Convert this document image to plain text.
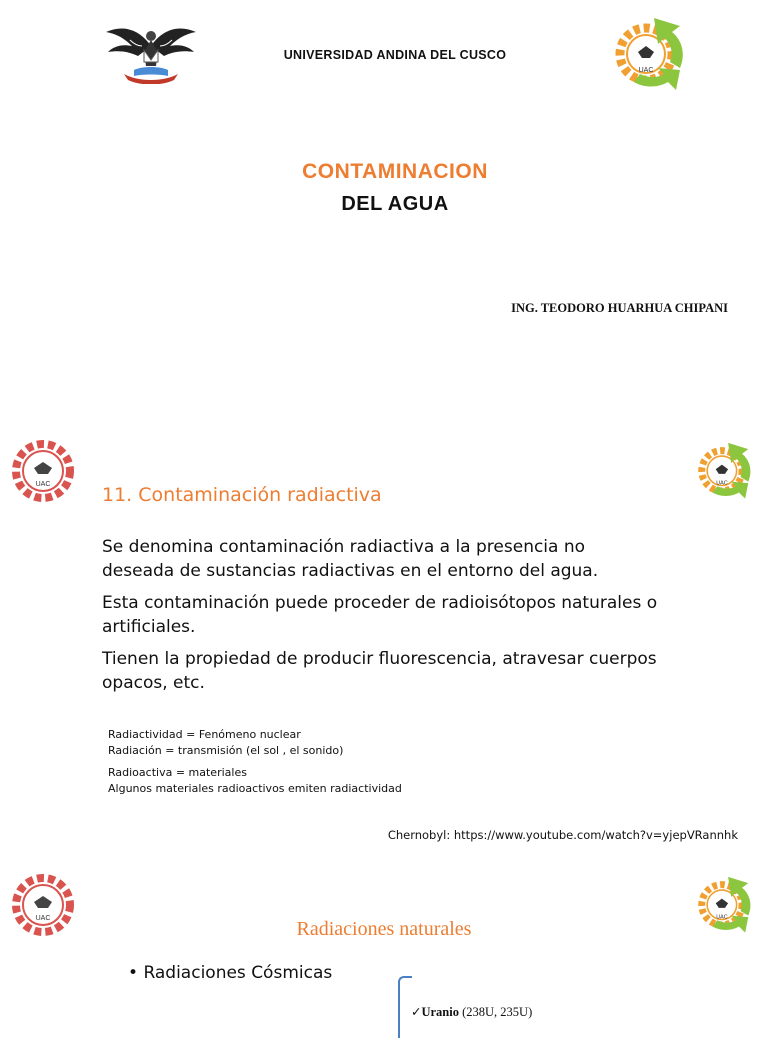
UNIVERSIDAD ANDINA DEL CUSCO
UAC
CONTAMINACION
DEL AGUA
ING. TEODORO HUARHUA CHIPANI
UAC	UAC
11. Contaminación radiactiva
Se denomina contaminación radiactiva a la presencia no deseada de sustancias radiactivas en el entorno del agua.
Esta contaminación puede proceder de radioisótopos naturales o artificiales.
Tienen la propiedad de producir fluorescencia, atravesar cuerpos opacos, etc.
Radiactividad = Fenómeno nuclear
Radiación = transmisión (el sol , el sonido)
Radioactiva = materiales
Algunos materiales radioactivos emiten radiactividad
Chernobyl: https://www.youtube.com/watch?v=yjepVRannhk
UAC	UAC
Radiaciones naturales
• Radiaciones Cósmicas
✓Uranio (238U, 235U)
